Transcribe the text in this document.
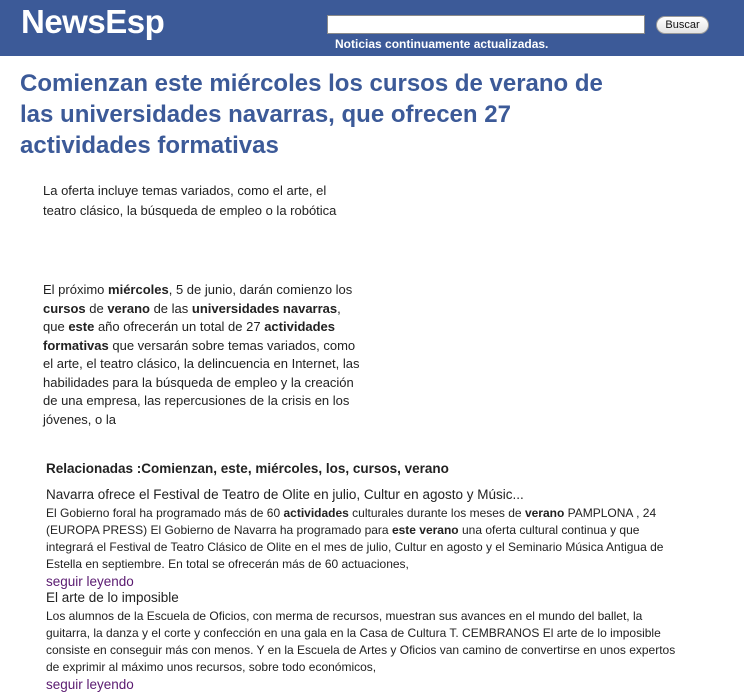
NewsEsp	Buscar
Noticias continuamente actualizadas.
Comienzan este miércoles los cursos de verano de las universidades navarras, que ofrecen 27 actividades formativas
La oferta incluye temas variados, como el arte, el teatro clásico, la búsqueda de empleo o la robótica
El próximo miércoles, 5 de junio, darán comienzo los cursos de verano de las universidades navarras, que este año ofrecerán un total de 27 actividades formativas que versarán sobre temas variados, como el arte, el teatro clásico, la delincuencia en Internet, las habilidades para la búsqueda de empleo y la creación de una empresa, las repercusiones de la crisis en los jóvenes, o la
Relacionadas :Comienzan, este, miércoles, los, cursos, verano
Navarra ofrece el Festival de Teatro de Olite en julio, Cultur en agosto y Músic...
El Gobierno foral ha programado más de 60 actividades culturales durante los meses de verano PAMPLONA , 24 (EUROPA PRESS) El Gobierno de Navarra ha programado para este verano una oferta cultural continua y que integrará el Festival de Teatro Clásico de Olite en el mes de julio, Cultur en agosto y el Seminario Música Antigua de Estella en septiembre. En total se ofrecerán más de 60 actuaciones,
seguir leyendo
El arte de lo imposible
Los alumnos de la Escuela de Oficios, con merma de recursos, muestran sus avances en el mundo del ballet, la guitarra, la danza y el corte y confección en una gala en la Casa de Cultura T. CEMBRANOS El arte de lo imposible consiste en conseguir más con menos. Y en la Escuela de Artes y Oficios van camino de convertirse en unos expertos de exprimir al máximo unos recursos, sobre todo económicos,
seguir leyendo
